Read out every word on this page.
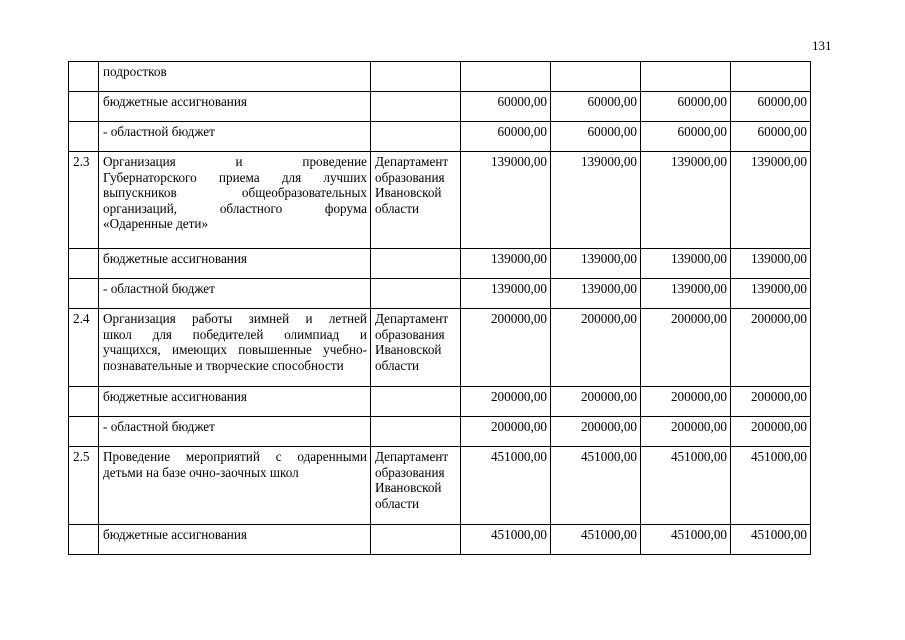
131
	подростков					
	бюджетные ассигнования		60000,00	60000,00	60000,00	60000,00
	- областной бюджет		60000,00	60000,00	60000,00	60000,00
2.3	Организация и проведение
Губернаторского приема для лучших
выпускников общеобразовательных
организаций, областного форума
«Одаренные дети»	Департамент
образования
Ивановской
области	139000,00	139000,00	139000,00	139000,00
	бюджетные ассигнования		139000,00	139000,00	139000,00	139000,00
	- областной бюджет		139000,00	139000,00	139000,00	139000,00
2.4	Организация работы зимней и летней
школ для победителей олимпиад и
учащихся, имеющих повышенные учебно-
познавательные и творческие способности	Департамент
образования
Ивановской
области	200000,00	200000,00	200000,00	200000,00
	бюджетные ассигнования		200000,00	200000,00	200000,00	200000,00
	- областной бюджет		200000,00	200000,00	200000,00	200000,00
2.5	Проведение мероприятий с одаренными
детьми на базе очно-заочных школ	Департамент
образования
Ивановской
области	451000,00	451000,00	451000,00	451000,00
	бюджетные ассигнования		451000,00	451000,00	451000,00	451000,00
